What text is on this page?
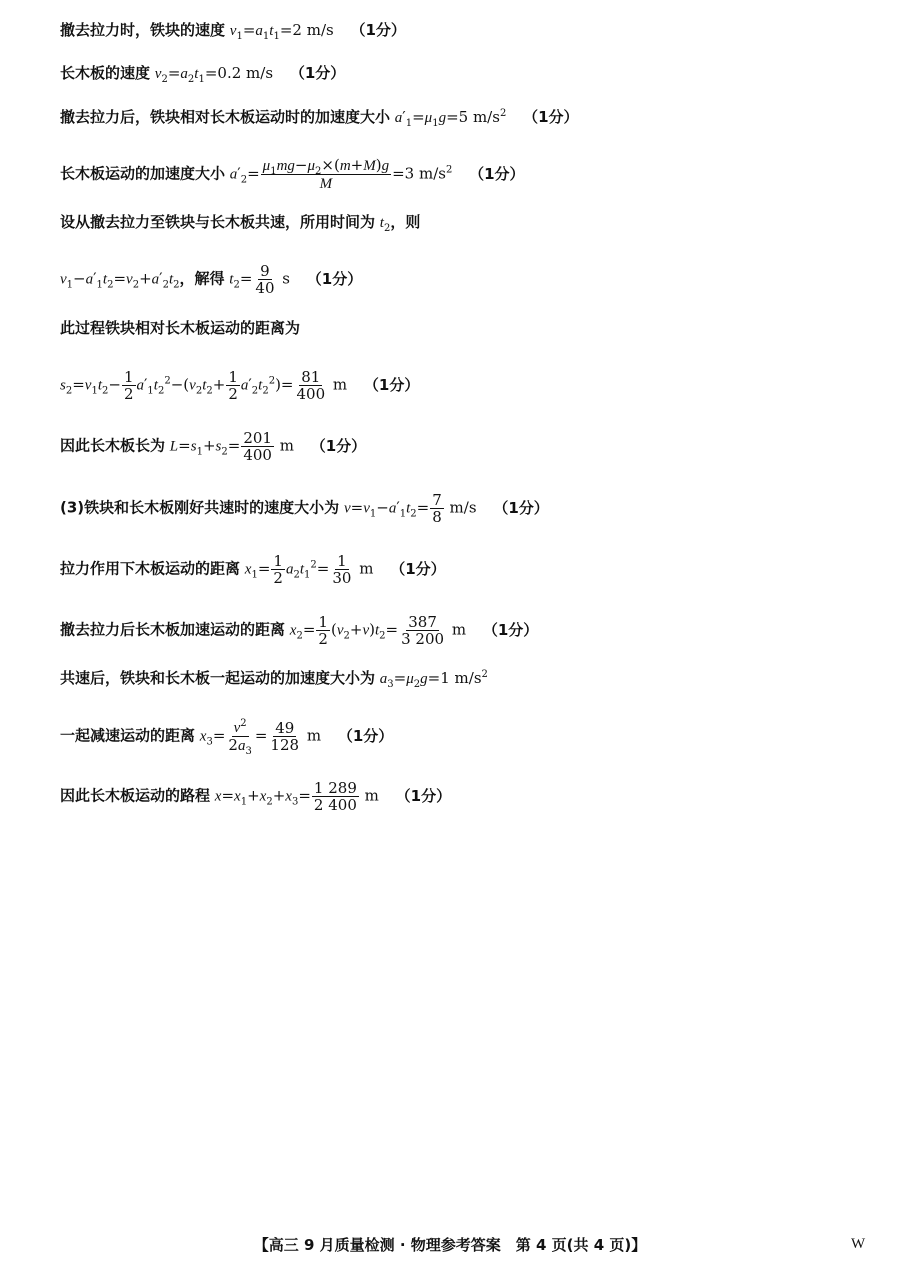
撤去拉力时，铁块的速度 $v_1=a_1t_1=2$ m/s （1分）
长木板的速度 $v_2=a_2t_1=0.2$ m/s （1分）
撤去拉力后，铁块相对长木板运动时的加速度大小 $a'_1=\mu_1g=5$ $m/s^2$ （1分）
长木板运动的加速度大小 $a'_2= \frac{\mu_1mg-\mu_2\times(m+M)g}{M} =3$ $m/s^2$ （1分）
设从撤去拉力至铁块与长木板共速，所用时间为 $t_2$，则
$v_1-a'_1t_2=v_2+a'_2t_2$，解得 $t_2= \frac{9}{40}$ s （1分）
此过程铁块相对长木板运动的距离为
$s_2=v_1t_2- \frac{1}{2} a'_1t_2^2-(v_2t_2+ \frac{1}{2} a'_2t_2^2)= \frac{81}{400}$ m （1分）
因此长木板长为 $L=s_1+s_2= \frac{201}{400}$ m （1分）
(3)铁块和长木板刚好共速时的速度大小为 $v=v_1-a'_1t_2= \frac{7}{8} m/s$ （1分）
拉力作用下木板运动的距离 $x_1= \frac{1}{2} a_2t_1^2= \frac{1}{30}$ m （1分）
撤去拉力后长木板加速运动的距离 $x_2= \frac{1}{2} (v_2+v)t_2= \frac{387}{3 200}$ m （1分）
共速后，铁块和长木板一起运动的加速度大小为 $a_3=\mu_2g=1$ $m/s^2$
一起减速运动的距离 $x_3= \frac{v^2}{2a_3} = \frac{49}{128}$ m （1分）
因此长木板运动的路程 $x=x_1+x_2+x_3= \frac{1 289}{2 400}$ m （1分）
【高三 9 月质量检测 · 物理参考答案　第 4 页(共 4 页)】	W
